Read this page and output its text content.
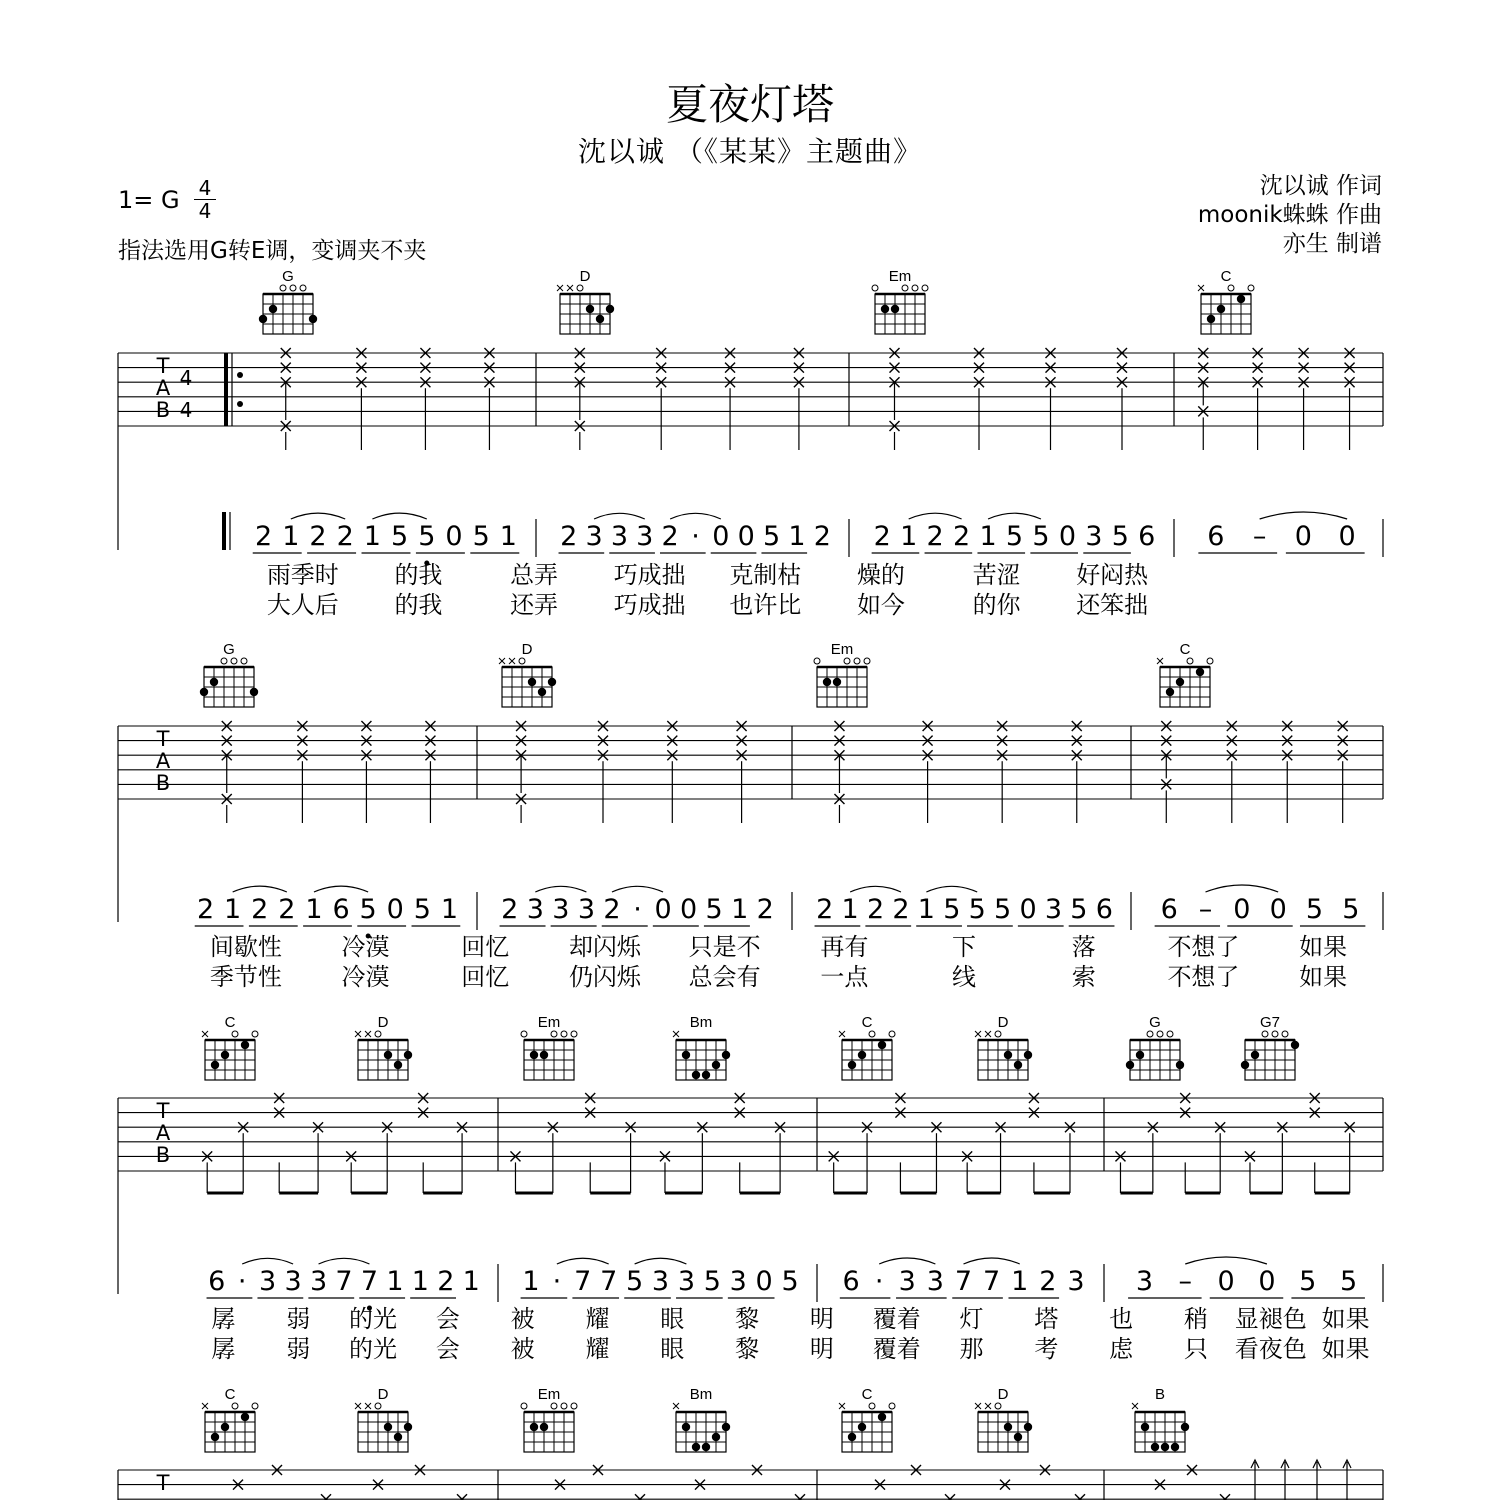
夏夜灯塔
沈以诚 （《某某》主题曲》
1= G 4
4
指法选用G转E调，变调夹不夹
沈以诚 作词
moonik蛛蛛 作曲
亦生 制谱
G	D	Em	C
T
A
B
4
4
2 1 2 2 1 5 5 0 5 1 2 3 3 3 2 · 0 0 5 1 2 2 1 2 2 1 5 5 0 3 5 6 6 – 0 0
雨季时 的我	总弄 巧成拙 克制枯 燥的	苦涩 好闷热
大人后 的我	还弄 巧成拙 也许比 如今	的你 还笨拙
G	D	Em	C
T
A
B
2 1 2 2 1 6 5 0 5 1 2 3 3 3 2 · 0 0 5 1 2 2 1 2 2 1 5 5 5 0 3 5 6 6 – 0 0 5 5
间歇性 冷漠	回忆 却闪烁 只是不 再有	下	落	不想了 如果
季节性 冷漠	回忆 仍闪烁 总会有 一点	线	索	不想了 如果
C	D	Em	Bm	C	D	G	G7
T
A
B
6 · 3 3 3 7 7 1 1 2 1 1 · 7 7 5 3 3 5 3 0 5 6 · 3 3 7 7 1 2 3 3 – 0 0 5 5
孱 弱 的光 会 被 耀 眼 黎 明 覆着 灯 塔 也 稍 显褪色 如果
孱 弱 的光 会 被 耀 眼 黎 明 覆着 那 考 虑 只 看夜色 如果
C	D	Em	Bm	C	D	B
T
